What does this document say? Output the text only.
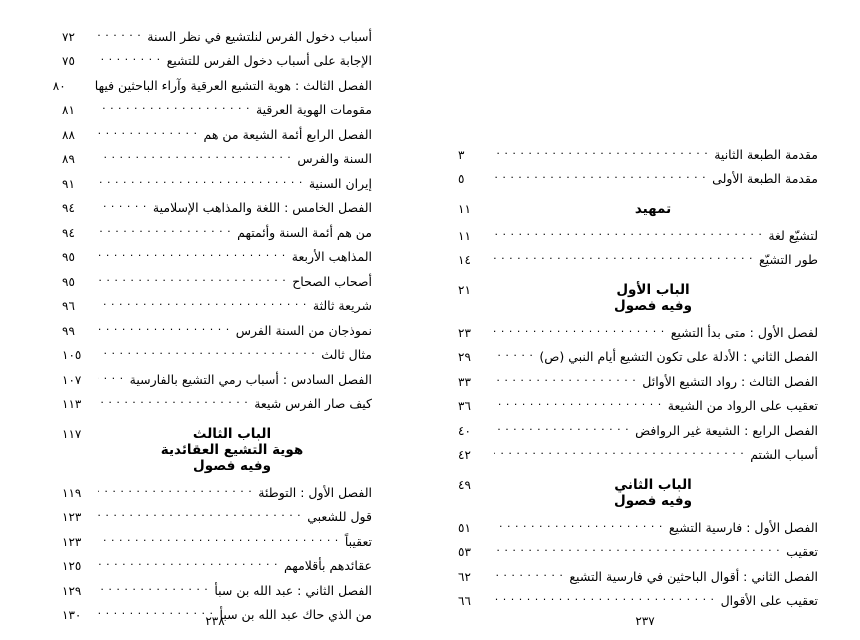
أسباب دخول الفرس لنلتشيع في نظر السنة
. . .
٧٢
الإجابة على أسباب دخول الفرس للتشيع
. . .
٧٥
الفصل الثالث : هوية التشيع العرقية وآراء الباحثين فيها
٨٠
مقومات الهوية العرقية
. . .
٨١
الفصل الرابع أئمة الشيعة من هم
. . .
٨٨
السنة والفرس
. . .
٨٩
إيران السنية
. . .
٩١
الفصل الخامس : اللغة والمذاهب الإسلامية
. . .
٩٤
من هم أئمة السنة وأئمتهم
. . .
٩٤
المذاهب الأربعة
. . .
٩٥
أصحاب الصحاح
. . .
٩٥
شريعة ثالثة
. . .
٩٦
نموذجان من السنة الفرس
. . .
٩٩
مثال ثالث
. . .
١٠٥
الفصل السادس : أسباب رمي التشيع بالفارسية
. . .
١٠٧
كيف صار الفرس شيعة
. . .
١١٣
الباب الثالث
١١٧
هوية التشيع العقائدية
وفيه فصول
الفصل الأول : التوطئة
. . .
١١٩
قول للشعبي
. . .
١٢٣
تعقيباً
. . .
١٢٣
عقائدهم بأقلامهم
. . .
١٢٥
الفصل الثاني : عبد الله بن سبأ
. . .
١٢٩
من الذي حاك عبد الله بن سبأ
. . .
١٣٠	٢٣٨
مقدمة الطبعة الثانية
. . .
٣
مقدمة الطبعة الأولى
. . .
٥
تمهيد
١١
لتشيّع لغة
. . .
١١
طور التشيّع
. . .
١٤
الباب الأول
٢١
وفيه فصول
لفصل الأول : متى بدأ التشيع
. . .
٢٣
الفصل الثاني : الأدلة على تكون التشيع أيام النبي (ص)
. . .
٢٩
الفصل الثالث : رواد التشيع الأوائل
. . .
٣٣
تعقيب على الرواد من الشيعة
. . .
٣٦
الفصل الرابع : الشيعة غير الروافض
. . .
٤٠
أسباب الشتم
. . .
٤٢
الباب الثاني
٤٩
وفيه فصول
الفصل الأول : فارسية التشيع
. . .
٥١
تعقيب
. . .
٥٣
الفصل الثاني : أقوال الباحثين في فارسية التشيع
. . .
٦٢
تعقيب على الأقوال
. . .
٦٦
٢٣٧
